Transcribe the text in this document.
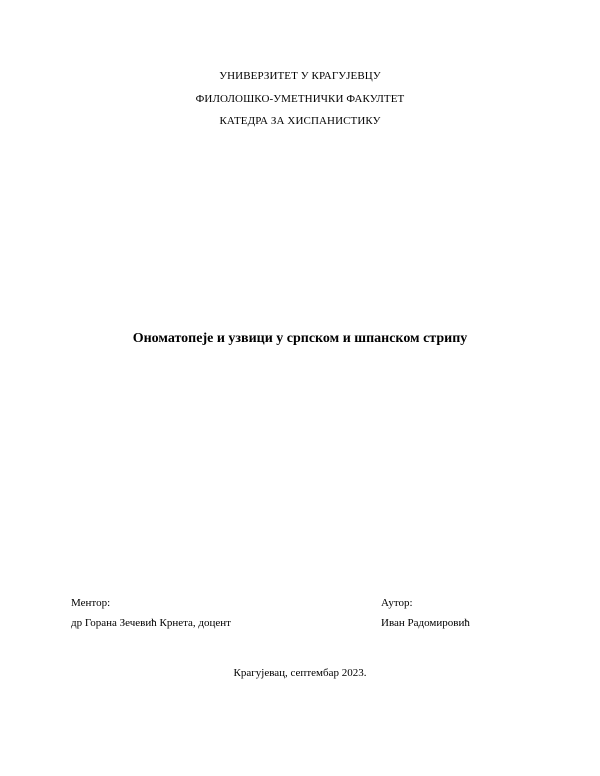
УНИВЕРЗИТЕТ У КРАГУЈЕВЦУ
ФИЛОЛОШКО-УМЕТНИЧКИ ФАКУЛТЕТ
КАТЕДРА ЗА ХИСПАНИСТИКУ
Ономатопеје и узвици у српском и шпанском стрипу
Ментор:
др Горана Зечевић Крнета, доцент
Аутор:
Иван Радомировић
Крагујевац, септембар 2023.
